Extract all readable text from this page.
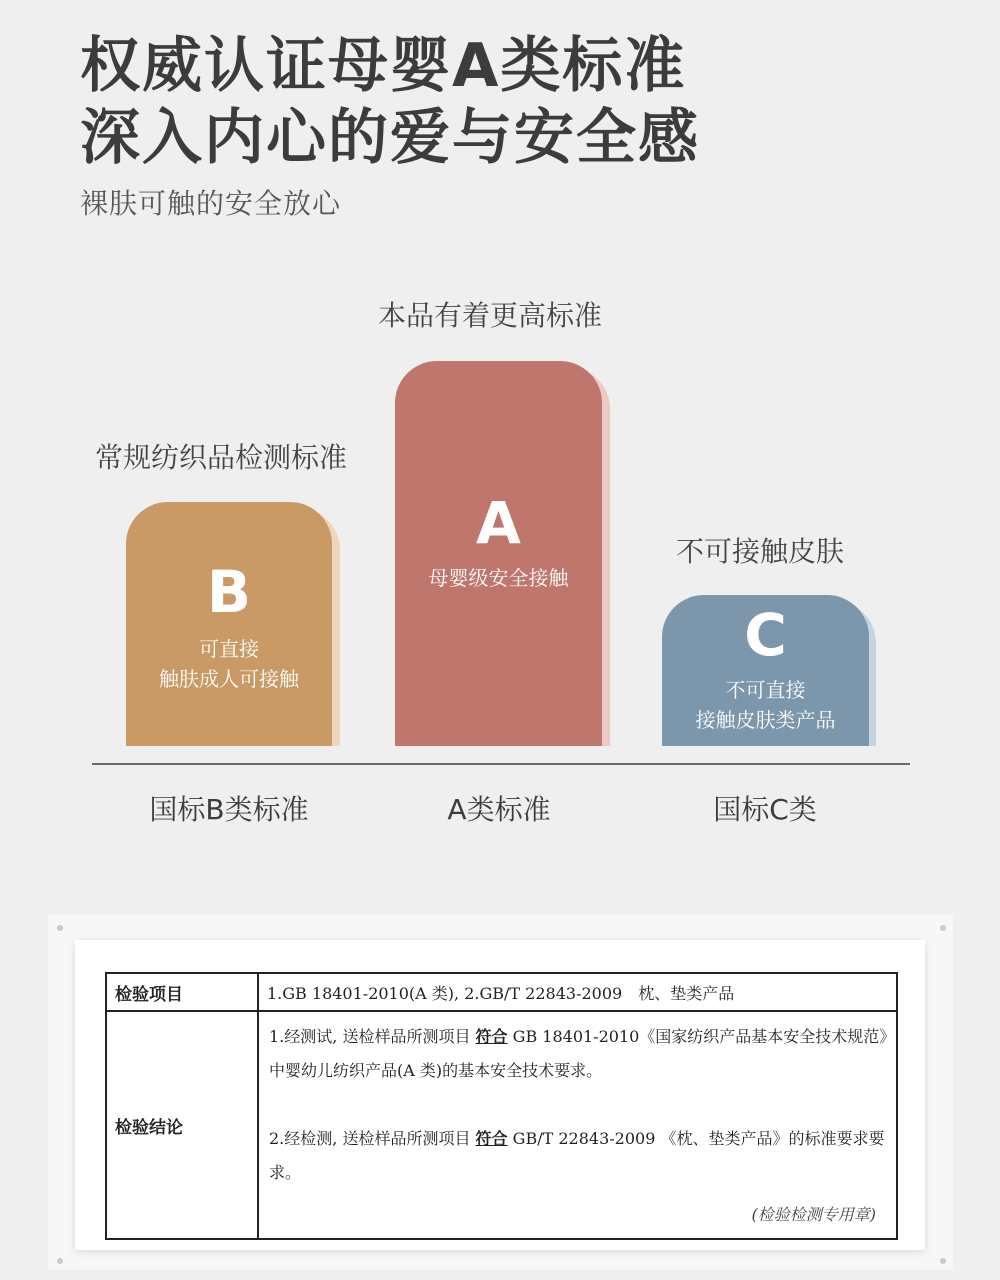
权威认证母婴A类标准
深入内心的爱与安全感
裸肤可触的安全放心
常规纺织品检测标准
B
可直接
触肤成人可接触
本品有着更高标准
A
母婴级安全接触
不可接触皮肤
C
不可直接
接触皮肤类产品
国标B类标准	A类标准	国标C类
检验项目	1.GB 18401-2010(A 类), 2.GB/T 22843-2009　枕、垫类产品
检验结论	1.经测试, 送检样品所测项目 符合 GB 18401-2010《国家纺织产品基本安全技术规范》中婴幼儿纺织产品(A 类)的基本安全技术要求。
2.经检测, 送检样品所测项目 符合 GB/T 22843-2009 《枕、垫类产品》的标准要求要求。
(检验检测专用章)
